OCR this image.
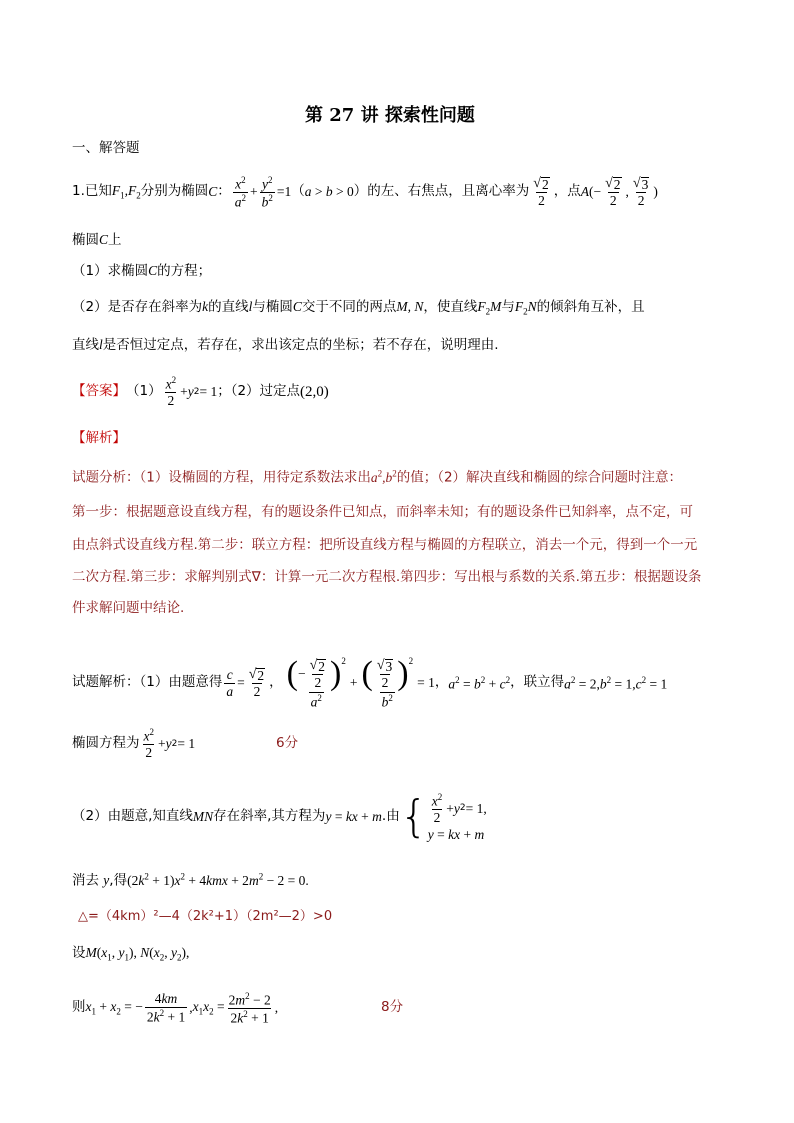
第 27 讲 探索性问题
一、解答题
1.已知 $F_1,F_2$ 分别为椭圆 C ： $\frac{x^2}{a^2} + \frac{y^2}{b^2} =1$ （ a > b > 0 ）的左、右焦点，且离心率为 $\frac{√ 2}{2}$ ，点 $A(- \frac{√ 2}{2}$ , $\frac{√ 3}{2}$ )
椭圆C上
（1）求椭圆C的方程；
（2）是否存在斜率为k的直线l与椭圆C交于不同的两点M, N，使直线$F_2M$与$F_2N$的倾斜角互补，且
直线l是否恒过定点，若存在，求出该定点的坐标；若不存在，说明理由.
【答案】 $(1) \frac{x^2}{2} + y$ 2 = 1 ；（2）过定点 (2,0)
【解析】
试题分析：（1）设椭圆的方程，用待定系数法求出$a^2,b^2$的值；（2）解决直线和椭圆的综合问题时注意：
第一步：根据题意设直线方程，有的题设条件已知点，而斜率未知；有的题设条件已知斜率，点不定，可
由点斜式设直线方程.第二步：联立方程：把所设直线方程与椭圆的方程联立，消去一个元，得到一个一元
二次方程.第三步：求解判别式∇：计算一元二次方程根.第四步：写出根与系数的关系.第五步：根据题设条
件求解问题中结论.
试题解析：（1）由题意得 $\frac{c}{a} = \frac{√ 2}{2}$ ， $\frac{( - \frac{√ 2}{2} ) 2}{a^2} + \frac{( \frac{√ 3}{2} ) 2}{b^2} = 1$ ， $a^2 = b^2 + c^2$ ，联立得 $a^2 = 2,b^2 = 1,c^2 = 1$
椭圆方程为 $\frac{x^2}{2} + y$ 2 = 1	6分
（2）由题意,知直线 MN 存在斜率,其方程为 y = kx + m .由 { $\frac{x^2}{2} + y$ 2 = 1,
y = kx + m
消去 y,得$(2k^2 + 1)x^2 + 4kmx + 2m^2 - 2 = 0$.
△=（4km）²—4（2k²+1）（2m²—2）>0
设$M(x_1$, $y_1$), $N(x_2$, $y_2$),
则 $x_1 + x_2$ = − $\frac{4km}{2k^2 + 1}$ , $x_1x_2 = \frac{2m^2 - 2}{2k^2 + 1}$ ,	8分
